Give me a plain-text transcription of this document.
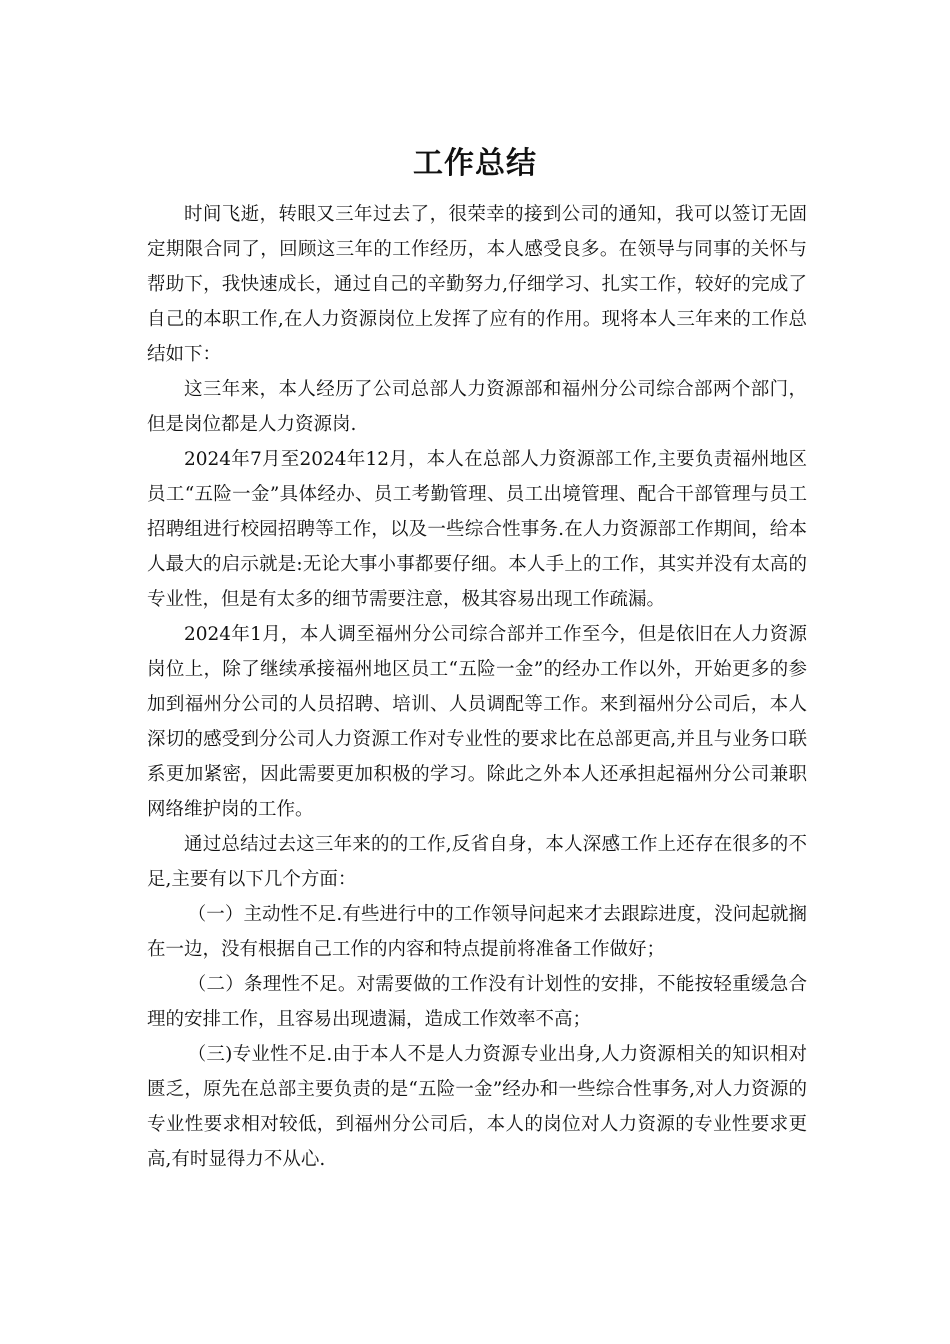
工作总结

时间飞逝，转眼又三年过去了，很荣幸的接到公司的通知，我可以签订无固定期限合同了，回顾这三年的工作经历，本人感受良多。在领导与同事的关怀与帮助下，我快速成长，通过自己的辛勤努力,仔细学习、扎实工作，较好的完成了自己的本职工作,在人力资源岗位上发挥了应有的作用。现将本人三年来的工作总结如下：

这三年来，本人经历了公司总部人力资源部和福州分公司综合部两个部门，但是岗位都是人力资源岗.

2024年7月至2024年12月，本人在总部人力资源部工作,主要负责福州地区员工“五险一金”具体经办、员工考勤管理、员工出境管理、配合干部管理与员工招聘组进行校园招聘等工作，以及一些综合性事务.在人力资源部工作期间，给本人最大的启示就是:无论大事小事都要仔细。本人手上的工作，其实并没有太高的专业性，但是有太多的细节需要注意，极其容易出现工作疏漏。

2024年1月，本人调至福州分公司综合部并工作至今，但是依旧在人力资源岗位上，除了继续承接福州地区员工“五险一金”的经办工作以外，开始更多的参加到福州分公司的人员招聘、培训、人员调配等工作。来到福州分公司后，本人深切的感受到分公司人力资源工作对专业性的要求比在总部更高,并且与业务口联系更加紧密，因此需要更加积极的学习。除此之外本人还承担起福州分公司兼职网络维护岗的工作。

通过总结过去这三年来的的工作,反省自身，本人深感工作上还存在很多的不足,主要有以下几个方面：

（一）主动性不足.有些进行中的工作领导问起来才去跟踪进度，没问起就搁在一边，没有根据自己工作的内容和特点提前将准备工作做好；

（二）条理性不足。对需要做的工作没有计划性的安排，不能按轻重缓急合理的安排工作，且容易出现遗漏，造成工作效率不高；

（三)专业性不足.由于本人不是人力资源专业出身,人力资源相关的知识相对匮乏，原先在总部主要负责的是“五险一金”经办和一些综合性事务,对人力资源的专业性要求相对较低，到福州分公司后，本人的岗位对人力资源的专业性要求更高,有时显得力不从心.
